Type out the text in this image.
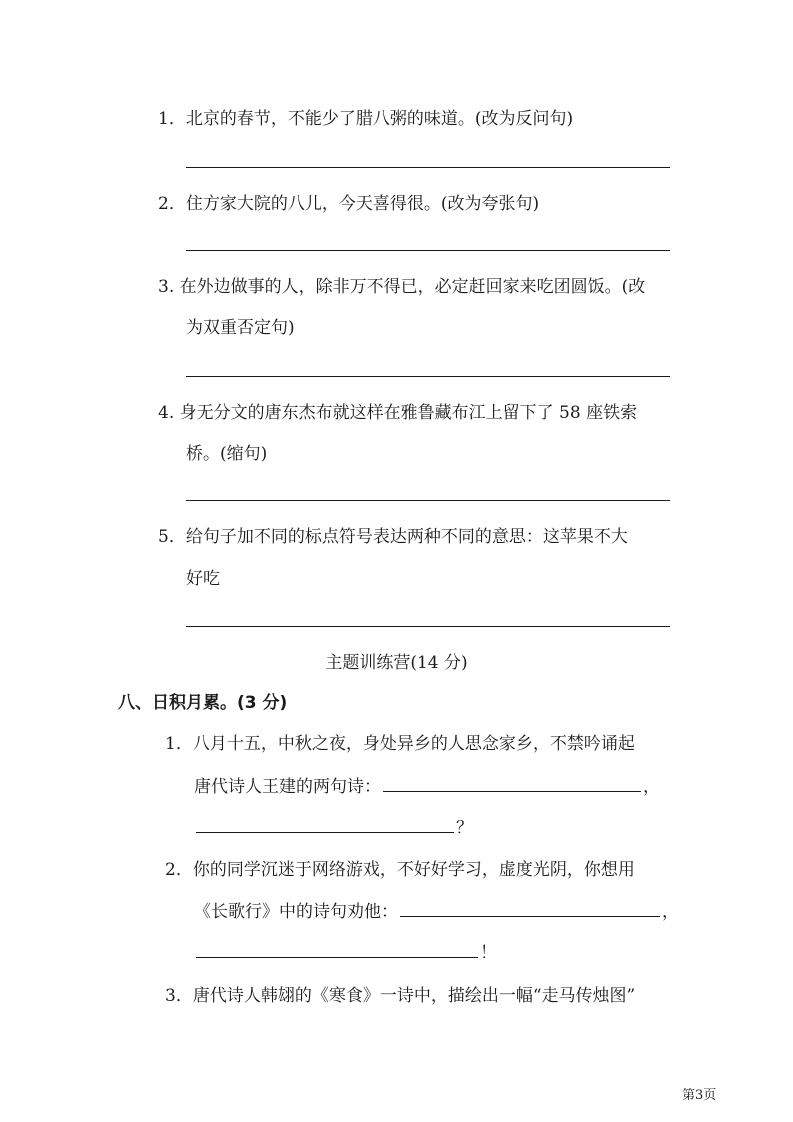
1．北京的春节，不能少了腊八粥的味道。(改为反问句)
2．住方家大院的八儿，今天喜得很。(改为夸张句)
3. 在外边做事的人，除非万不得已，必定赶回家来吃团圆饭。(改
为双重否定句)
4. 身无分文的唐东杰布就这样在雅鲁藏布江上留下了 58 座铁索
桥。(缩句)
5．给句子加不同的标点符号表达两种不同的意思：这苹果不大
好吃
主题训练营(14 分)
八、日积月累。(3 分)
1．八月十五，中秋之夜，身处异乡的人思念家乡，不禁吟诵起
唐代诗人王建的两句诗：	，
？
2．你的同学沉迷于网络游戏，不好好学习，虚度光阴，你想用
《长歌行》中的诗句劝他：	，
！
3．唐代诗人韩翃的《寒食》一诗中，描绘出一幅“走马传烛图”
第3页
